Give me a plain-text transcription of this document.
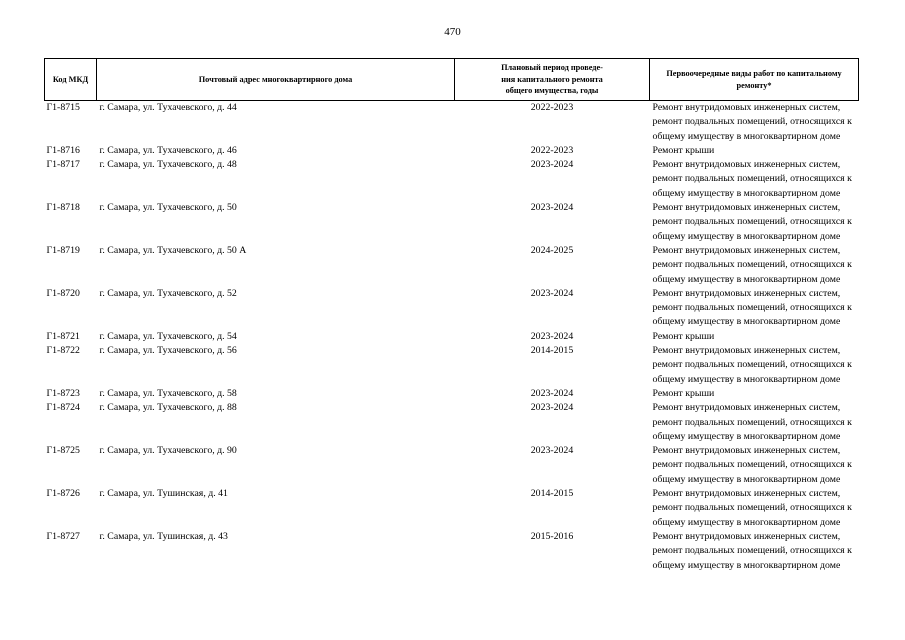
470
Код МКД	Почтовый адрес многоквартирного дома	Плановый период проведе-
ния капитального ремонта
общего имущества, годы	Первоочередные виды работ по капитальному
ремонту*

Г1-8715	г. Самара, ул. Тухачевского, д. 44	2022-2023	Ремонт внутридомовых инженерных систем,
ремонт подвальных помещений, относящихся к
общему имуществу в многоквартирном доме

Г1-8716	г. Самара, ул. Тухачевского, д. 46	2022-2023	Ремонт крыши

Г1-8717	г. Самара, ул. Тухачевского, д. 48	2023-2024	Ремонт внутридомовых инженерных систем,
ремонт подвальных помещений, относящихся к
общему имуществу в многоквартирном доме

Г1-8718	г. Самара, ул. Тухачевского, д. 50	2023-2024	Ремонт внутридомовых инженерных систем,
ремонт подвальных помещений, относящихся к
общему имуществу в многоквартирном доме

Г1-8719	г. Самара, ул. Тухачевского, д. 50 А	2024-2025	Ремонт внутридомовых инженерных систем,
ремонт подвальных помещений, относящихся к
общему имуществу в многоквартирном доме

Г1-8720	г. Самара, ул. Тухачевского, д. 52	2023-2024	Ремонт внутридомовых инженерных систем,
ремонт подвальных помещений, относящихся к
общему имуществу в многоквартирном доме

Г1-8721	г. Самара, ул. Тухачевского, д. 54	2023-2024	Ремонт крыши

Г1-8722	г. Самара, ул. Тухачевского, д. 56	2014-2015	Ремонт внутридомовых инженерных систем,
ремонт подвальных помещений, относящихся к
общему имуществу в многоквартирном доме

Г1-8723	г. Самара, ул. Тухачевского, д. 58	2023-2024	Ремонт крыши

Г1-8724	г. Самара, ул. Тухачевского, д. 88	2023-2024	Ремонт внутридомовых инженерных систем,
ремонт подвальных помещений, относящихся к
общему имуществу в многоквартирном доме

Г1-8725	г. Самара, ул. Тухачевского, д. 90	2023-2024	Ремонт внутридомовых инженерных систем,
ремонт подвальных помещений, относящихся к
общему имуществу в многоквартирном доме

Г1-8726	г. Самара, ул. Тушинская, д. 41	2014-2015	Ремонт внутридомовых инженерных систем,
ремонт подвальных помещений, относящихся к
общему имуществу в многоквартирном доме

Г1-8727	г. Самара, ул. Тушинская, д. 43	2015-2016	Ремонт внутридомовых инженерных систем,
ремонт подвальных помещений, относящихся к
общему имуществу в многоквартирном доме
